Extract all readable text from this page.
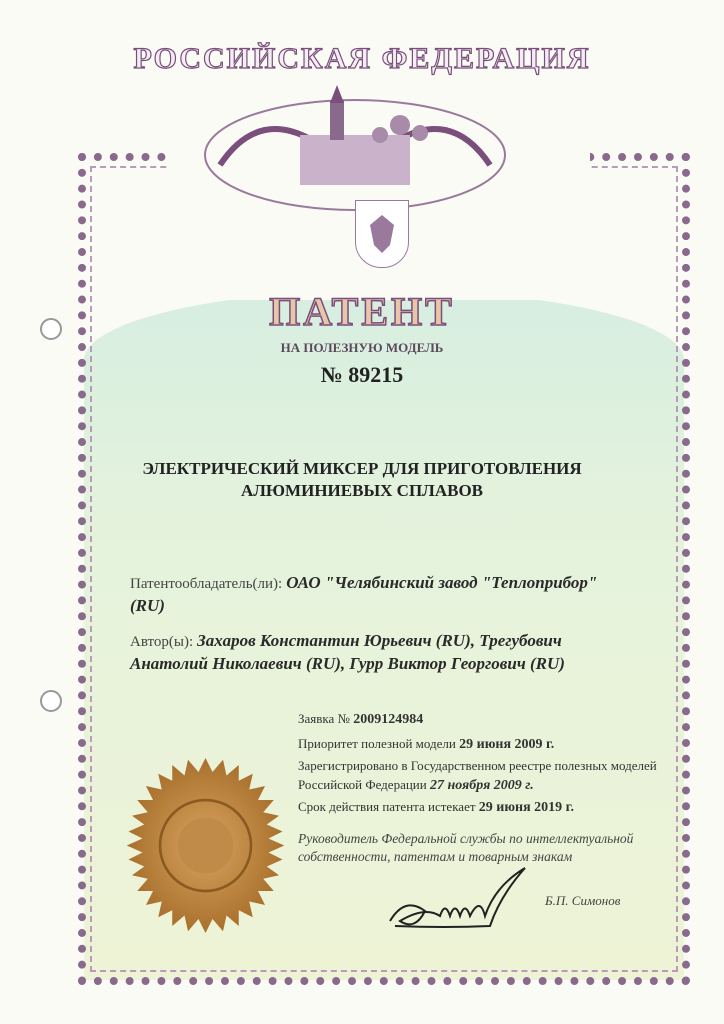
РОССИЙСКАЯ ФЕДЕРАЦИЯ
ПАТЕНТ
НА ПОЛЕЗНУЮ МОДЕЛЬ
№ 89215
ЭЛЕКТРИЧЕСКИЙ МИКСЕР ДЛЯ ПРИГОТОВЛЕНИЯ
АЛЮМИНИЕВЫХ СПЛАВОВ
Патентообладатель(ли): ОАО "Челябинский завод "Теплоприбор" (RU)
Автор(ы): Захаров Константин Юрьевич (RU), Трегубович Анатолий Николаевич (RU), Гурр Виктор Георгович (RU)
Заявка № 2009124984
Приоритет полезной модели 29 июня 2009 г.
Зарегистрировано в Государственном реестре полезных моделей Российской Федерации 27 ноября 2009 г.
Срок действия патента истекает 29 июня 2019 г.
Руководитель Федеральной службы по интеллектуальной собственности, патентам и товарным знакам
Б.П. Симонов
